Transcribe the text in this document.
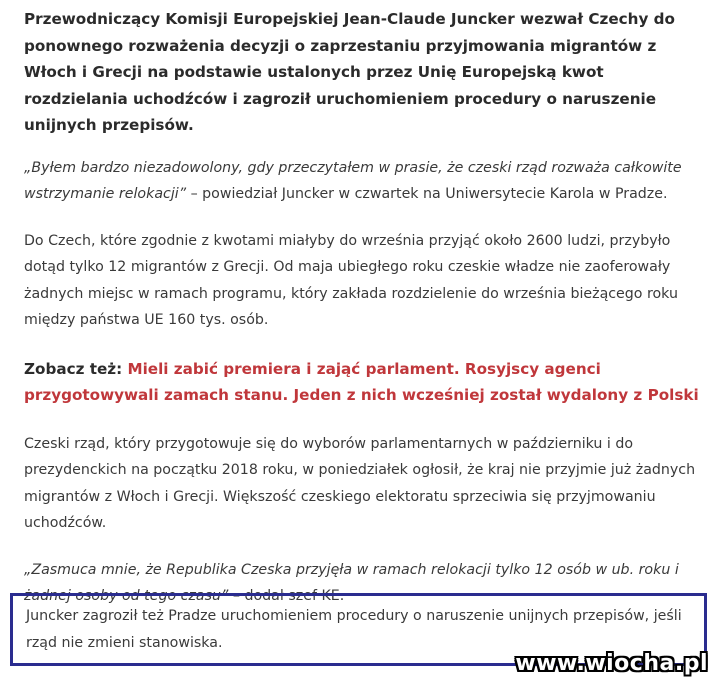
Przewodniczący Komisji Europejskiej Jean-Claude Juncker wezwał Czechy do ponownego rozważenia decyzji o zaprzestaniu przyjmowania migrantów z Włoch i Grecji na podstawie ustalonych przez Unię Europejską kwot rozdzielania uchodźców i zagroził uruchomieniem procedury o naruszenie unijnych przepisów.

„Byłem bardzo niezadowolony, gdy przeczytałem w prasie, że czeski rząd rozważa całkowite wstrzymanie relokacji” – powiedział Juncker w czwartek na Uniwersytecie Karola w Pradze.

Do Czech, które zgodnie z kwotami miałyby do września przyjąć około 2600 ludzi, przybyło dotąd tylko 12 migrantów z Grecji. Od maja ubiegłego roku czeskie władze nie zaoferowały żadnych miejsc w ramach programu, który zakłada rozdzielenie do września bieżącego roku między państwa UE 160 tys. osób.

Zobacz też: Mieli zabić premiera i zająć parlament. Rosyjscy agenci przygotowywali zamach stanu. Jeden z nich wcześniej został wydalony z Polski

Czeski rząd, który przygotowuje się do wyborów parlamentarnych w październiku i do prezydenckich na początku 2018 roku, w poniedziałek ogłosił, że kraj nie przyjmie już żadnych migrantów z Włoch i Grecji. Większość czeskiego elektoratu sprzeciwia się przyjmowaniu uchodźców.

„Zasmuca mnie, że Republika Czeska przyjęła w ramach relokacji tylko 12 osób w ub. roku i żadnej osoby od tego czasu” – dodał szef KE.

Juncker zagroził też Pradze uruchomieniem procedury o naruszenie unijnych przepisów, jeśli rząd nie zmieni stanowiska.

www.wiocha.pl
